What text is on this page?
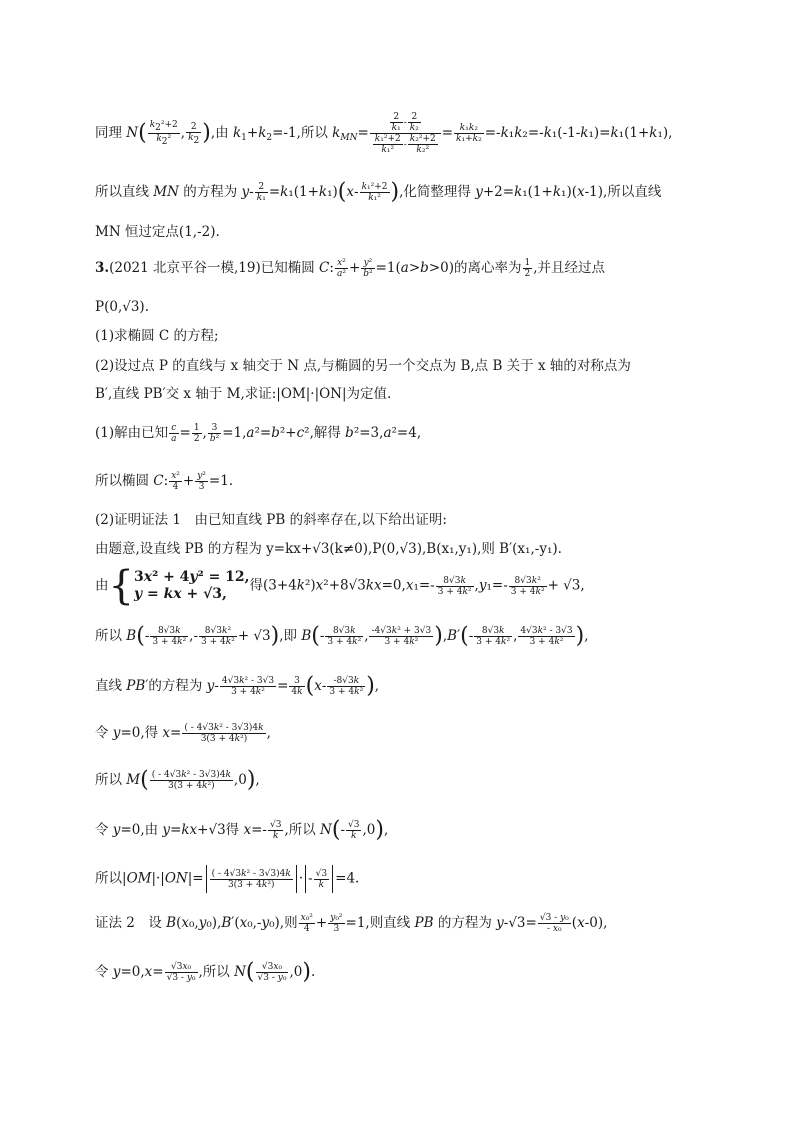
同理 $N( \frac{\text{k2²+2}}{\text{k2²}}$ , $\frac{2}{k2}$ ),由 $k_1+k_2=-1$,所以 $k_{MN}= \frac{\frac{2}{\text{k₁}} - \frac{2}{\text{k₂}}}{\frac{\text{k₁²+2}}{\text{k₁²}} - \frac{\text{k₂²+2}}{\text{k₂²}}} = \frac{\text{k₁k₂}}{\text{k₁+k₂}} =-k_1k_2=-k_1(-1-k_1)=k_1(1+k_1)$,
所以直线 MN 的方程为 $y- \frac{2}{\text{k₁}} =k_1(1+k_1)(x- \frac{\text{k₁²+2}}{\text{k₁²}}$ ),化简整理得 y+2=k₁(1+k₁)(x-1),所以直线
MN 恒过定点(1,-2).
3.(2021 北京平谷一模,19)已知椭圆 C: $\frac{\text{x²}}{\text{a²}} + \frac{\text{y²}}{\text{b²}} =1(a>b>0)$的离心率为 $\frac{1}{2}$ ,并且经过点
P(0,√3).
(1)求椭圆 C 的方程;
(2)设过点 P 的直线与 x 轴交于 N 点,与椭圆的另一个交点为 B,点 B 关于 x 轴的对称点为
B′,直线 PB′交 x 轴于 M,求证:|OM|·|ON|为定值.
(1)解由已知 $\frac{c}{a} = \frac{1}{2}$ , $\frac{3}{\text{b²}} =1,a^2=b^2+c^2$,解得 b²=3,a²=4,
所以椭圆 C: $\frac{\text{x²}}{4} + \frac{\text{y²}}{3} =1$.
(2)证明证法 1　由已知直线 PB 的斜率存在,以下给出证明:
由题意,设直线 PB 的方程为 y=kx+√3(k≠0),P(0,√3),B(x₁,y₁),则 B′(x₁,-y₁).
由{3x² + 4y² = 12,
y = kx + √3,得$(3+4k^2)x^2+8√3kx=0,x_1=- \frac{8√3k}{\text{3 + 4k²}} ,y_1=- \frac{\text{8√3k²}}{\text{3 + 4k²}} + √3$,
所以 $B(- \frac{8√3k}{\text{3 + 4k²}}$ ,- $\frac{\text{8√3k²}}{\text{3 + 4k²}} + √3$),即 $B(- \frac{8√3k}{\text{3 + 4k²}}$ , $\frac{\text{-4√3k² + 3√3}}{\text{3 + 4k²}} ),B'(- \frac{8√3k}{\text{3 + 4k²}}$ , $\frac{\text{4√3k² - 3√3}}{\text{3 + 4k²}}$ ),
直线 PB′的方程为 $y- \frac{\text{4√3k² - 3√3}}{\text{3 + 4k²}} = \frac{3}{4k} (x- \frac{-8√3k}{\text{3 + 4k²}}$ ),
令 y=0,得 $x= \frac{\text{( - 4√3k² - 3√3)4k}}{\text{3(3 + 4k²)}}$ ,
所以 $M( \frac{\text{( - 4√3k² - 3√3)4k}}{\text{3(3 + 4k²)}} ,0)$,
令 y=0,由 y=kx+√3得 $x=- \frac{√3}{k}$ ,所以 $N(- \frac{√3}{k} ,0)$,
所以$|OM|\cdot|ON|= \frac{\text{( - 4√3k² - 3√3)4k}}{\text{3(3 + 4k²)}}$ · - $\frac{√3}{k} =4$.
证法 2　设 B(x₀,y₀),B′(x₀,-y₀),则 $\frac{\text{x₀²}}{4} + \frac{\text{y₀²}}{3} =1$,则直线 PB 的方程为 $y-√3= \frac{\text{√3 - y₀}}{\text{- x₀}} (x-0)$,
令 $y=0,x= \frac{\text{√3x₀}}{\text{√3 - y₀}}$ ,所以 $N( \frac{\text{√3x₀}}{\text{√3 - y₀}} ,0)$.
